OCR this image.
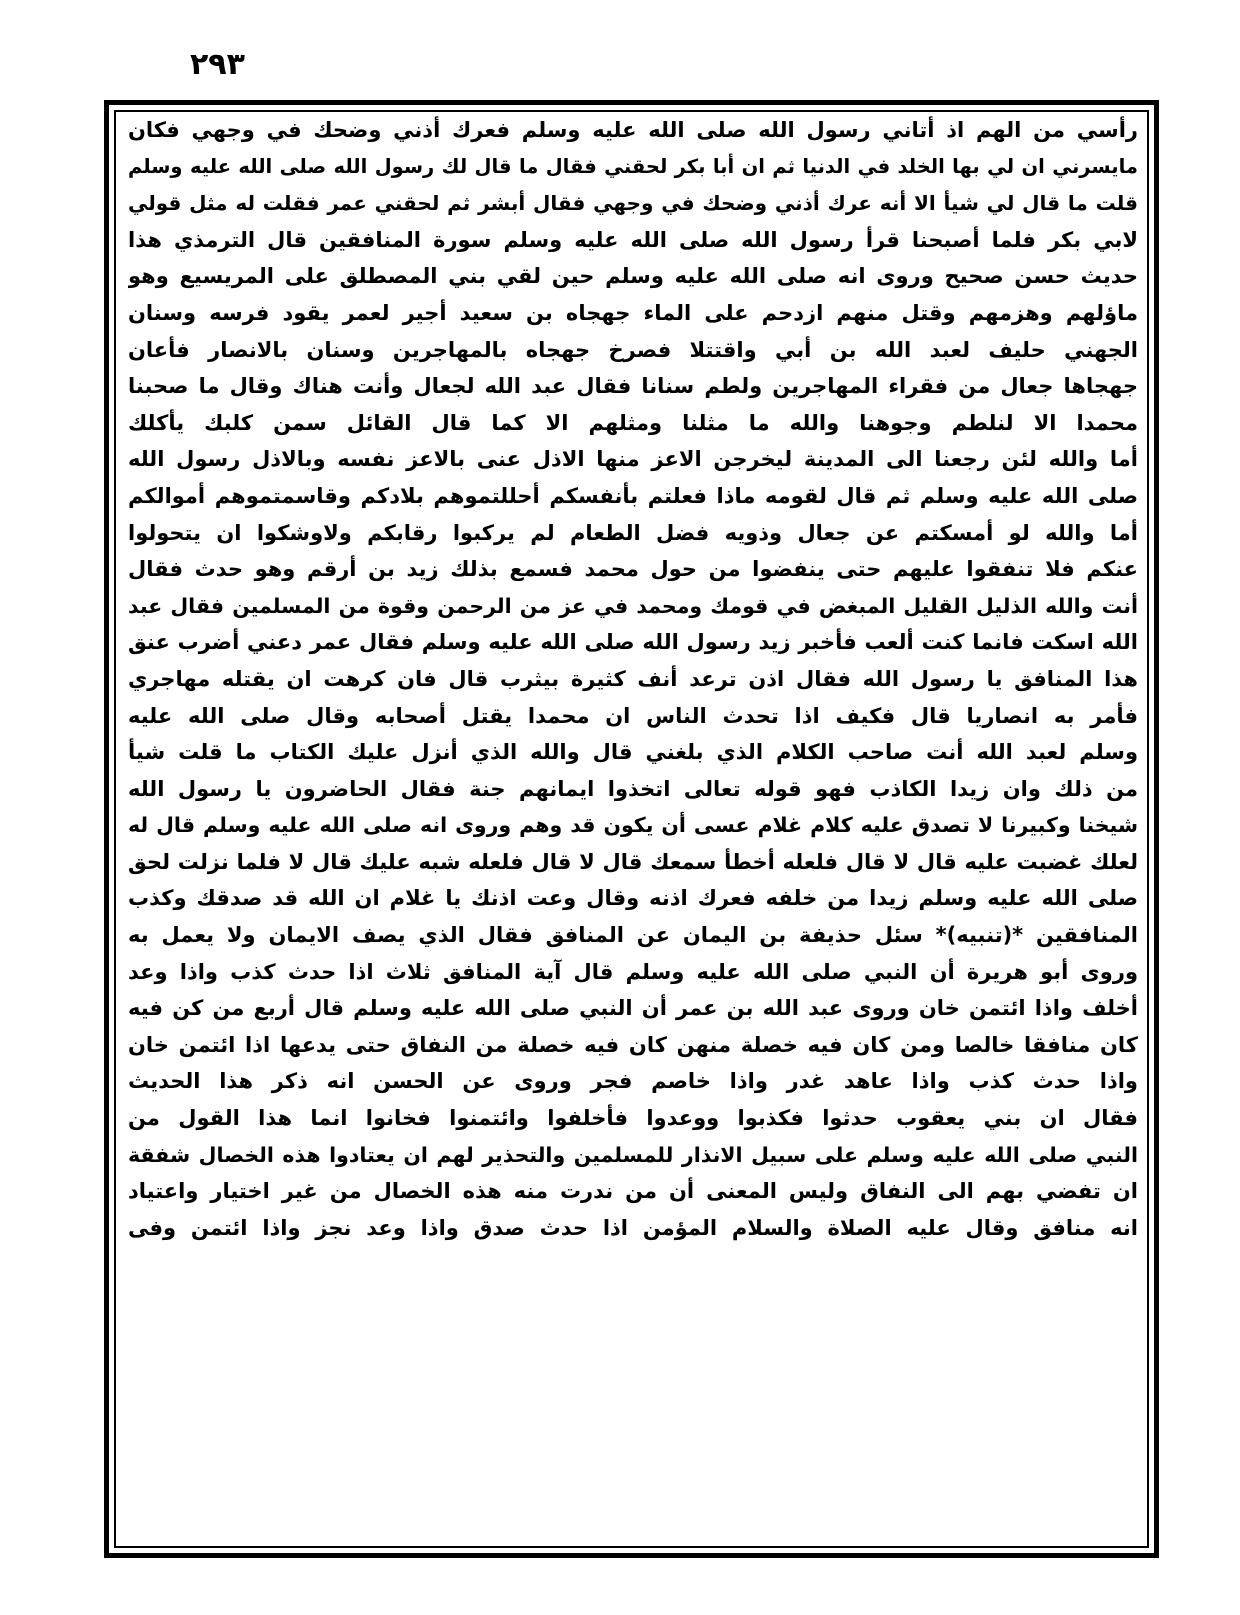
٢٩٣
رأسي من الهم اذ أتاني رسول الله صلى الله عليه وسلم فعرك أذني وضحك في وجهي فكان
مايسرني ان لي بها الخلد في الدنيا ثم ان أبا بكر لحقني فقال ما قال لك رسول الله صلى الله عليه وسلم
قلت ما قال لي شيأ الا أنه عرك أذني وضحك في وجهي فقال أبشر ثم لحقني عمر فقلت له مثل قولي
لابي بكر فلما أصبحنا قرأ رسول الله صلى الله عليه وسلم سورة المنافقين قال الترمذي هذا
حديث حسن صحيح وروى انه صلى الله عليه وسلم حين لقي بني المصطلق على المريسيع وهو
ماؤلهم وهزمهم وقتل منهم ازدحم على الماء جهجاه بن سعيد أجير لعمر يقود فرسه وسنان
الجهني حليف لعبد الله بن أبي واقتتلا فصرخ جهجاه بالمهاجرين وسنان بالانصار فأعان
جهجاها جعال من فقراء المهاجرين ولطم سنانا فقال عبد الله لجعال وأنت هناك وقال ما صحبنا
محمدا الا لنلطم وجوهنا والله ما مثلنا ومثلهم الا كما قال القائل سمن كلبك يأكلك
أما والله لئن رجعنا الى المدينة ليخرجن الاعز منها الاذل عنى بالاعز نفسه وبالاذل رسول الله
صلى الله عليه وسلم ثم قال لقومه ماذا فعلتم بأنفسكم أحللتموهم بلادكم وقاسمتموهم أموالكم
أما والله لو أمسكتم عن جعال وذويه فضل الطعام لم يركبوا رقابكم ولاوشكوا ان يتحولوا
عنكم فلا تنفقوا عليهم حتى ينفضوا من حول محمد فسمع بذلك زيد بن أرقم وهو حدث فقال
أنت والله الذليل القليل المبغض في قومك ومحمد في عز من الرحمن وقوة من المسلمين فقال عبد
الله اسكت فانما كنت ألعب فأخبر زيد رسول الله صلى الله عليه وسلم فقال عمر دعني أضرب عنق
هذا المنافق يا رسول الله فقال اذن ترعد أنف كثيرة بيثرب قال فان كرهت ان يقتله مهاجري
فأمر به انصاريا قال فكيف اذا تحدث الناس ان محمدا يقتل أصحابه وقال صلى الله عليه
وسلم لعبد الله أنت صاحب الكلام الذي بلغني قال والله الذي أنزل عليك الكتاب ما قلت شيأ
من ذلك وان زيدا الكاذب فهو قوله تعالى اتخذوا ايمانهم جنة فقال الحاضرون يا رسول الله
شيخنا وكبيرنا لا تصدق عليه كلام غلام عسى أن يكون قد وهم وروى انه صلى الله عليه وسلم قال له
لعلك غضبت عليه قال لا قال فلعله أخطأ سمعك قال لا قال فلعله شبه عليك قال لا فلما نزلت لحق
صلى الله عليه وسلم زيدا من خلفه فعرك اذنه وقال وعت اذنك يا غلام ان الله قد صدقك وكذب
المنافقين *(تنبيه)* سئل حذيفة بن اليمان عن المنافق فقال الذي يصف الايمان ولا يعمل به
وروى أبو هريرة أن النبي صلى الله عليه وسلم قال آية المنافق ثلاث اذا حدث كذب واذا وعد
أخلف واذا ائتمن خان وروى عبد الله بن عمر أن النبي صلى الله عليه وسلم قال أربع من كن فيه
كان منافقا خالصا ومن كان فيه خصلة منهن كان فيه خصلة من النفاق حتى يدعها اذا ائتمن خان
واذا حدث كذب واذا عاهد غدر واذا خاصم فجر وروى عن الحسن انه ذكر هذا الحديث
فقال ان بني يعقوب حدثوا فكذبوا ووعدوا فأخلفوا وائتمنوا فخانوا انما هذا القول من
النبي صلى الله عليه وسلم على سبيل الانذار للمسلمين والتحذير لهم ان يعتادوا هذه الخصال شفقة
ان تفضي بهم الى النفاق وليس المعنى أن من ندرت منه هذه الخصال من غير اختيار واعتياد
انه منافق وقال عليه الصلاة والسلام المؤمن اذا حدث صدق واذا وعد نجز واذا ائتمن وفى
